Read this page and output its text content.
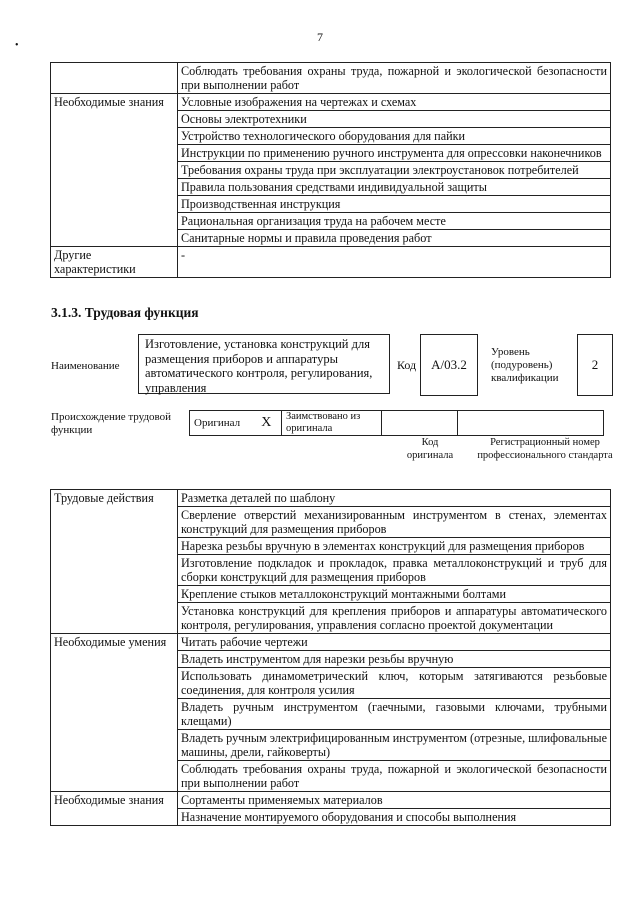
7
•
	Соблюдать требования охраны труда, пожарной и экологической безопасности при выполнении работ
Необходимые знания	Условные изображения на чертежах и схемах
	Основы электротехники
	Устройство технологического оборудования для пайки
	Инструкции по применению ручного инструмента для опрессовки наконечников
	Требования охраны труда при эксплуатации электроустановок потребителей
	Правила пользования средствами индивидуальной защиты
	Производственная инструкция
	Рациональная организация труда на рабочем месте
	Санитарные нормы и правила проведения работ
Другие характеристики	-
3.1.3. Трудовая функция
Наименование
Изготовление, установка конструкций для размещения приборов и аппаратуры автоматического контроля, регулирования, управления
Код	A/03.2
Уровень (подуровень) квалификации
2
Происхождение трудовой функции
Оригинал	X	Заимствовано из оригинала		
Код оригинала
Регистрационный номер профессионального стандарта
Трудовые действия	Разметка деталей по шаблону
	Сверление отверстий механизированным инструментом в стенах, элементах конструкций для размещения приборов
	Нарезка резьбы вручную в элементах конструкций для размещения приборов
	Изготовление подкладок и прокладок, правка металлоконструкций и труб для сборки конструкций для размещения приборов
	Крепление стыков металлоконструкций монтажными болтами
	Установка конструкций для крепления приборов и аппаратуры автоматического контроля, регулирования, управления согласно проектой документации
Необходимые умения	Читать рабочие чертежи
	Владеть инструментом для нарезки резьбы вручную
	Использовать динамометрический ключ, которым затягиваются резьбовые соединения, для контроля усилия
	Владеть ручным инструментом (гаечными, газовыми ключами, трубными клещами)
	Владеть ручным электрифицированным инструментом (отрезные, шлифовальные машины, дрели, гайковерты)
	Соблюдать требования охраны труда, пожарной и экологической безопасности при выполнении работ
Необходимые знания	Сортаменты применяемых материалов
	Назначение монтируемого оборудования и способы выполнения
